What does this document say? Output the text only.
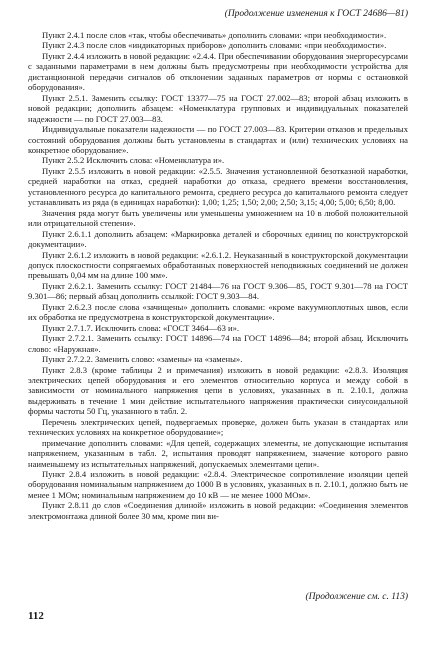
(Продолжение изменения к ГОСТ 24686—81)

Пункт 2.4.1 после слов «так, чтобы обеспечивать» дополнить словами: «при необходимости».

Пункт 2.4.3 после слов «индикаторных приборов» дополнить словами: «при необходимости».

Пункт 2.4.4 изложить в новой редакции: «2.4.4. При обеспечивании оборудования энергоресурсами с заданными параметрами в нем должны быть предусмотрены при необходимости устройства для дистанционной передачи сигналов об отклонении заданных параметров от нормы с остановкой оборудования».

Пункт 2.5.1. Заменить ссылку: ГОСТ 13377—75 на ГОСТ 27.002—83; второй абзац изложить в новой редакции; дополнить абзацем: «Номенклатура групповых и индивидуальных показателей надежности — по ГОСТ 27.003—83.

Индивидуальные показатели надежности — по ГОСТ 27.003—83. Критерии отказов и предельных состояний оборудования должны быть установлены в стандартах и (или) технических условиях на конкретное оборудование».

Пункт 2.5.2 Исключить слова: «Номенклатура и».

Пункт 2.5.5 изложить в новой редакции: «2.5.5. Значения установленной безотказной наработки, средней наработки на отказ, средней наработки до отказа, среднего времени восстановления, установленного ресурса до капитального ремонта, среднего ресурса до капитального ремонта следует устанавливать из ряда (в единицах наработки): 1,00; 1,25; 1,50; 2,00; 2,50; 3,15; 4,00; 5,00; 6,50; 8,00.

Значения ряда могут быть увеличены или уменьшены умножением на 10 в любой положительной или отрицательной степени».

Пункт 2.6.1.1 дополнить абзацем: «Маркировка деталей и сборочных единиц по конструкторской документации».

Пункт 2.6.1.2 изложить в новой редакции: «2.6.1.2. Неуказанный в конструкторской документации допуск плоскостности сопрягаемых обработанных поверхностей неподвижных соединений не должен превышать 0,04 мм на длине 100 мм».

Пункт 2.6.2.1. Заменить ссылку: ГОСТ 21484—76 на ГОСТ 9.306—85, ГОСТ 9.301—78 на ГОСТ 9.301—86; первый абзац дополнить ссылкой: ГОСТ 9.303—84.

Пункт 2.6.2.3 после слова «зачищены» дополнить словами: «кроме вакуумноплотных швов, если их обработка не предусмотрена в конструкторской документации».

Пункт 2.7.1.7. Исключить слова: «ГОСТ 3464—63 и».

Пункт 2.7.2.1. Заменить ссылку: ГОСТ 14896—74 на ГОСТ 14896—84; второй абзац. Исключить слово: «Наружная».

Пункт 2.7.2.2. Заменить слово: «замены» на «замены».

Пункт 2.8.3 (кроме таблицы 2 и примечания) изложить в новой редакции: «2.8.3. Изоляция электрических цепей оборудования и его элементов относительно корпуса и между собой в зависимости от номинального напряжения цепи в условиях, указанных в п. 2.10.1, должна выдерживать в течение 1 мин действие испытательного напряжения практически синусоидальной формы частоты 50 Гц, указанного в табл. 2.

Перечень электрических цепей, подвергаемых проверке, должен быть указан в стандартах или технических условиях на конкретное оборудование»;

примечание дополнить словами: «Для цепей, содержащих элементы, не допускающие испытания напряжением, указанным в табл. 2, испытания проводят напряжением, значение которого равно наименьшему из испытательных напряжений, допускаемых элементами цепи».

Пункт 2.8.4 изложить в новой редакции: «2.8.4. Электрическое сопротивление изоляции цепей оборудования номинальным напряжением до 1000 В в условиях, указанных в п. 2.10.1, должно быть не менее 1 МОм; номинальным напряжением до 10 кВ — не менее 1000 МОм».

Пункт 2.8.11 до слов «Соединения длиной» изложить в новой редакции: «Соединения элементов электромонтажа длиной более 30 мм, кроме пин ви-

(Продолжение см. с. 113)
112
